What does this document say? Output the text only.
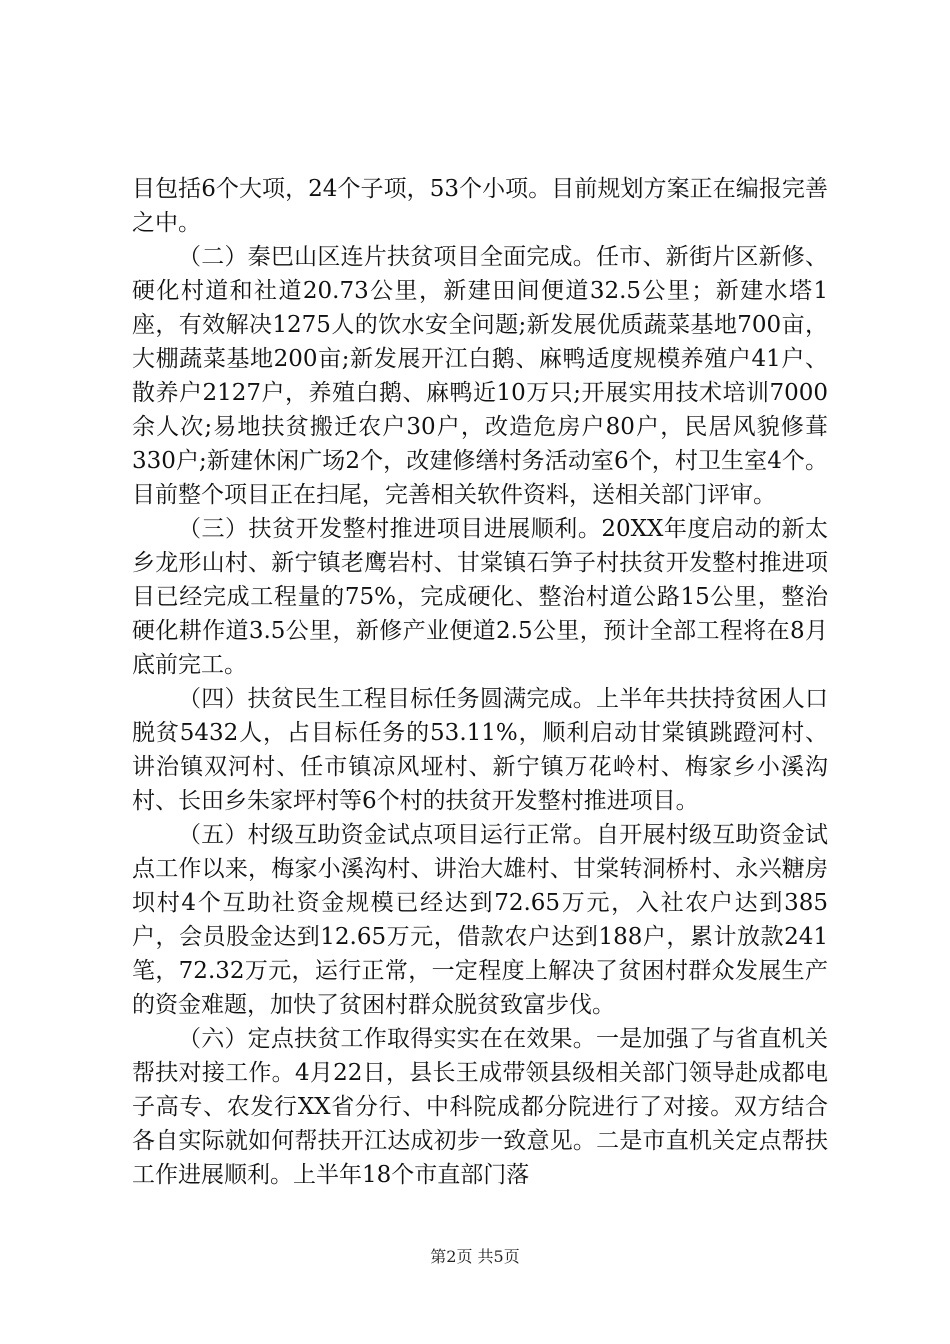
目包括6个大项，24个子项，53个小项。目前规划方案正在编报完善之中。

（二）秦巴山区连片扶贫项目全面完成。任市、新街片区新修、硬化村道和社道20.73公里，新建田间便道32.5公里；新建水塔1座，有效解决1275人的饮水安全问题;新发展优质蔬菜基地700亩，大棚蔬菜基地200亩;新发展开江白鹅、麻鸭适度规模养殖户41户、散养户2127户，养殖白鹅、麻鸭近10万只;开展实用技术培训7000余人次;易地扶贫搬迁农户30户，改造危房户80户，民居风貌修葺330户;新建休闲广场2个，改建修缮村务活动室6个，村卫生室4个。目前整个项目正在扫尾，完善相关软件资料，送相关部门评审。

（三）扶贫开发整村推进项目进展顺利。20XX年度启动的新太乡龙形山村、新宁镇老鹰岩村、甘棠镇石笋子村扶贫开发整村推进项目已经完成工程量的75%，完成硬化、整治村道公路15公里，整治硬化耕作道3.5公里，新修产业便道2.5公里，预计全部工程将在8月底前完工。

（四）扶贫民生工程目标任务圆满完成。上半年共扶持贫困人口脱贫5432人，占目标任务的53.11%，顺利启动甘棠镇跳蹬河村、讲治镇双河村、任市镇凉风垭村、新宁镇万花岭村、梅家乡小溪沟村、长田乡朱家坪村等6个村的扶贫开发整村推进项目。

（五）村级互助资金试点项目运行正常。自开展村级互助资金试点工作以来，梅家小溪沟村、讲治大雄村、甘棠转洞桥村、永兴糖房坝村4个互助社资金规模已经达到72.65万元，入社农户达到385户，会员股金达到12.65万元，借款农户达到188户，累计放款241笔，72.32万元，运行正常，一定程度上解决了贫困村群众发展生产的资金难题，加快了贫困村群众脱贫致富步伐。

（六）定点扶贫工作取得实实在在效果。一是加强了与省直机关帮扶对接工作。4月22日，县长王成带领县级相关部门领导赴成都电子高专、农发行XX省分行、中科院成都分院进行了对接。双方结合各自实际就如何帮扶开江达成初步一致意见。二是市直机关定点帮扶工作进展顺利。上半年18个市直部门落

第2页 共5页
